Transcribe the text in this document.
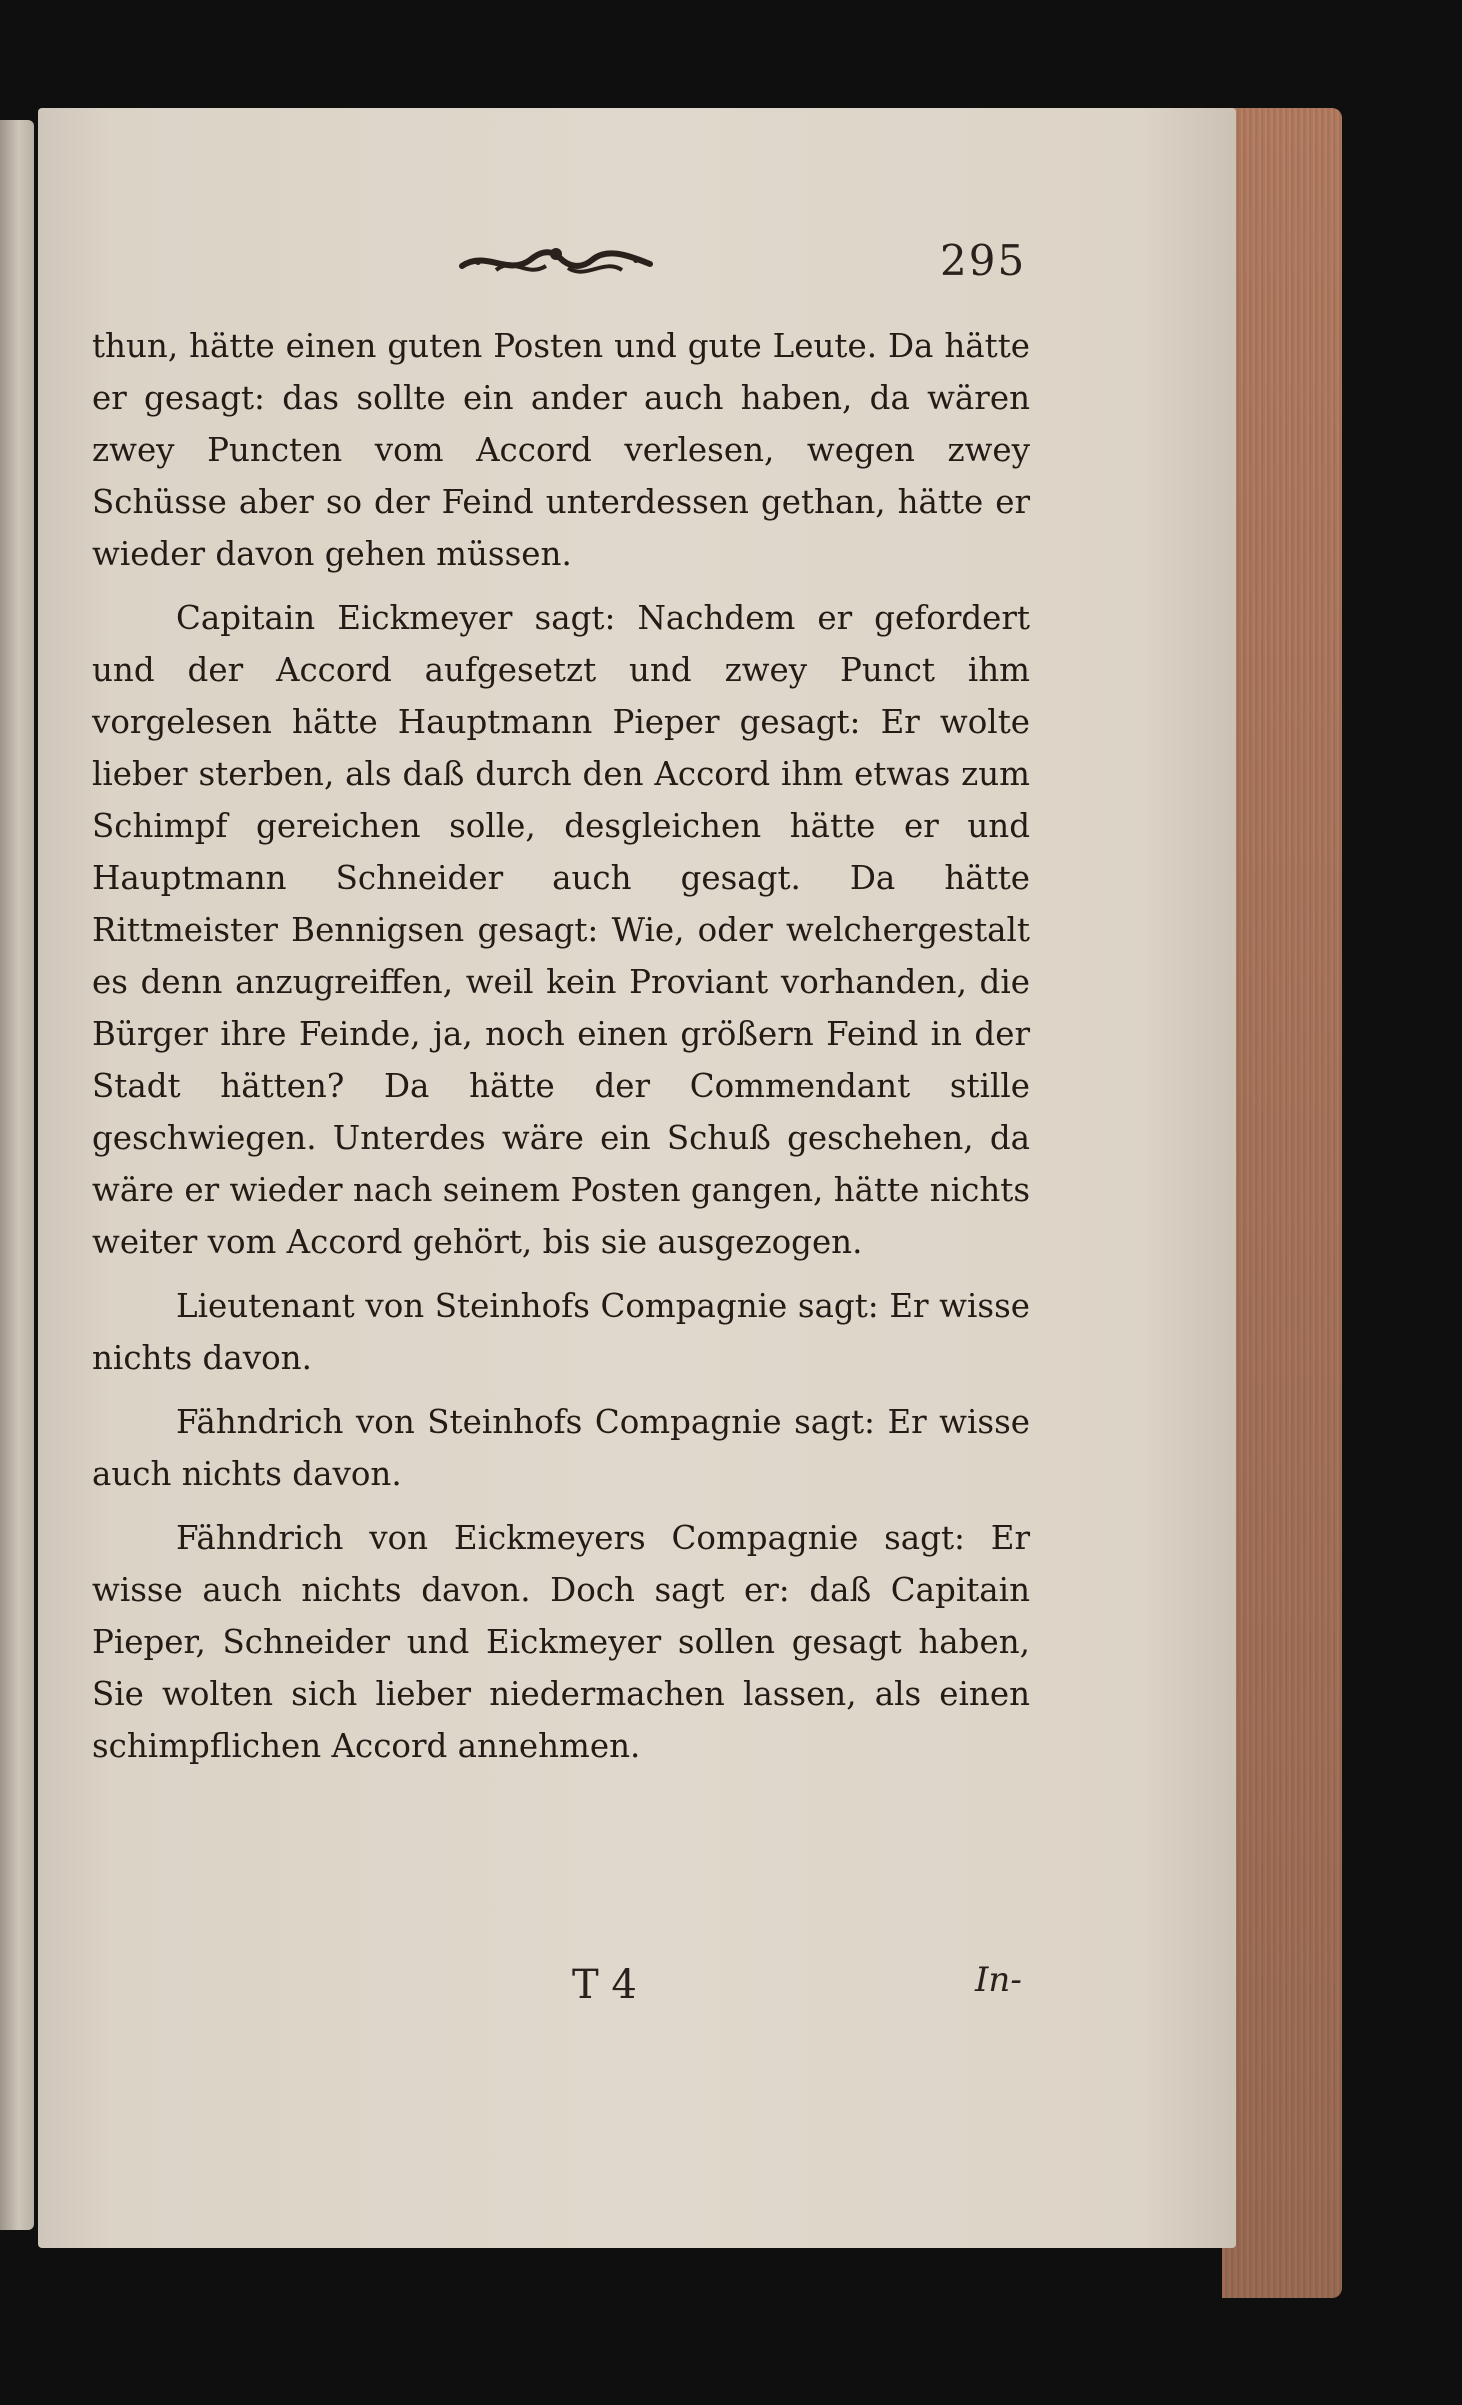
295

thun, hätte einen guten Posten und gute Leute. Da hätte er gesagt: das sollte ein ander auch haben, da wären zwey Puncten vom Accord verlesen, wegen zwey Schüsse aber so der Feind unterdessen gethan, hätte er wieder davon gehen müssen.

Capitain Eickmeyer sagt: Nachdem er gefordert und der Accord aufgesetzt und zwey Punct ihm vorgelesen hätte Hauptmann Pieper gesagt: Er wolte lieber sterben, als daß durch den Accord ihm etwas zum Schimpf gereichen solle, desgleichen hätte er und Hauptmann Schneider auch gesagt. Da hätte Rittmeister Bennigsen gesagt: Wie, oder welchergestalt es denn anzugreiffen, weil kein Proviant vorhanden, die Bürger ihre Feinde, ja, noch einen größern Feind in der Stadt hätten? Da hätte der Commendant stille geschwiegen. Unterdes wäre ein Schuß geschehen, da wäre er wieder nach seinem Posten gangen, hätte nichts weiter vom Accord gehört, bis sie ausgezogen.

Lieutenant von Steinhofs Compagnie sagt: Er wisse nichts davon.

Fähndrich von Steinhofs Compagnie sagt: Er wisse auch nichts davon.

Fähndrich von Eickmeyers Compagnie sagt: Er wisse auch nichts davon. Doch sagt er: daß Capitain Pieper, Schneider und Eickmeyer sollen gesagt haben, Sie wolten sich lieber niedermachen lassen, als einen schimpflichen Accord annehmen.

T 4	In-
